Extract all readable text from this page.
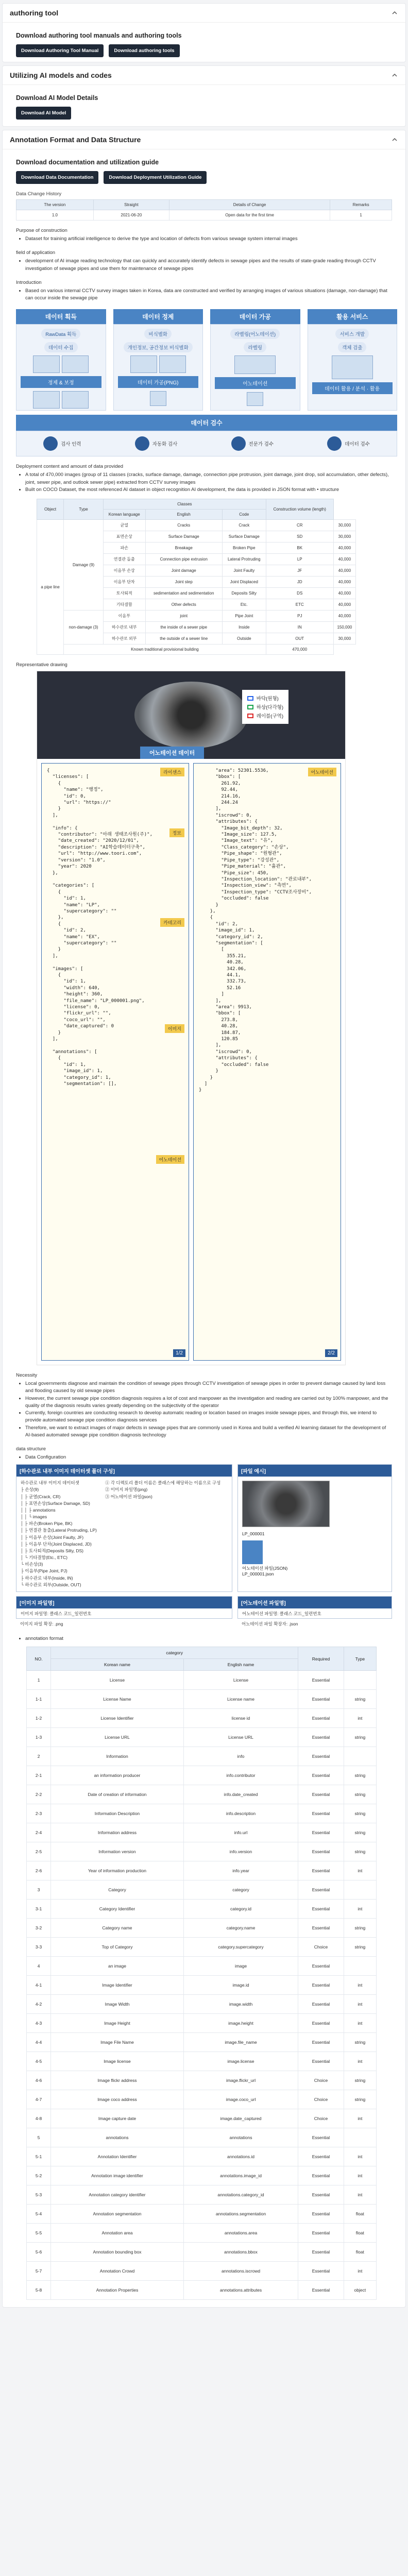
authoring tool
Download authoring tool manuals and authoring tools
Download Authoring Tool Manual	Download authoring tools
Utilizing AI models and codes
Download AI Model Details
Download AI Model
Annotation Format and Data Structure
Download documentation and utilization guide
Download Data Documentation	Download Deployment Utilization Guide
Data Change History
The version	Straight	Details of Change	Remarks
1.0	2021-06-20	Open data for the first time	1
Purpose of construction
• Dataset for training artificial intelligence to derive the type and location of defects from various sewage system internal images
field of application
• development of AI image reading technology that can quickly and accurately identify defects in sewage pipes and the results of state-grade reading through CCTV investigation of sewage pipes and use them for maintenance of sewage pipes
Introduction
• Based on various internal CCTV survey images taken in Korea, data are constructed and verified by arranging images of various situations (damage, non-damage) that can occur inside the sewage pipe
데이터 획득
RawData 획득
데이터 수집
정제 & 보정
데이터 정제
비식별화
개인정보, 공간정보 비식별화
데이터 가공(PNG)
데이터 가공
라벨링(어노테이션)
라벨링
어노테이션
활용 서비스
서비스 개발
객체 검출
데이터 활용 / 분석 · 활용
데이터 검수
검사 인력	자동화 검사	전문가 검수	데이터 검수
Deployment content and amount of data provided
• A total of 470,000 images (group of 11 classes (cracks, surface damage, damage, connection pipe protrusion, joint damage, joint drop, soil accumulation, other defects), joint, sewer pipe, and outlook sewer pipe) extracted from CCTV survey images
• Built on COCO Dataset, the most referenced AI dataset in object recognition AI development, the data is provided in JSON format with • structure
Object	Type	Classes			Construction volume (length)	
		Korean language	English	Code		
a pipe line	Damage (9)	균열	Cracks	Crack	CR	30,000
		표면손상	Surface Damage	Surface Damage	SD	30,000
		파손	Breakage	Broken Pipe	BK	40,000
		연결관 돌출	Connection pipe extrusion	Lateral Protruding	LP	40,000
		이음부 손상	Joint damage	Joint Faulty	JF	40,000
		이음부 단차	Joint step	Joint Displaced	JD	40,000
		토사퇴적	sedimentation and sedimentation	Deposits Silty	DS	40,000
		기타결함	Other defects	Etc.	ETC	40,000
	non-damage (3)	이음부	joint	Pipe Joint	PJ	40,000
		하수관로 내부	the inside of a sewer pipe	Inside	IN	150,000
		하수관로 외부	the outside of a sewer line	Outside	OUT	30,000
	Known traditional provisional building				470,000	
Representative drawing
바닥(원형)
하상(다각형)
레이블(구역)
어노테이션 데이터
라이센스
정보
카테고리
이미지
어노테이션
{
"licenses": [
{
"name": "행정",
"id": 0,
"url": "https://"
}
],

"info": {
"contributor": "아래 생태조사원(주)",
"date_created": "2020/12/01",
"description": "AI학습데이터구축",
"url": "http://www.toori.com",
"version": "1.0",
"year": 2020
},

"categories": [
{
"id": 1,
"name": "LP",
"supercategory": ""
},
{
"id": 2,
"name": "EX",
"supercategory": ""
}
],

"images": [
{
"id": 1,
"width": 640,
"height": 360,
"file_name": "LP_000001.png",
"license": 0,
"flickr_url": "",
"coco_url": "",
"date_captured": 0
}
],

"annotations": [
{
"id": 1,
"image_id": 1,
"category_id": 1,
"segmentation": [],
1/2
어노테이션
"area": 52301.5536,
"bbox": [
261.92,
92.44,
214.16,
244.24
],
"iscrowd": 0,
"attributes": {
"Image_bit_depth": 32,
"Image_size": 127.5,
"Image_text": "유",
"Class_category": "손상",
"Pipe_shape": "원형관",
"Pipe_type": "강성관",
"Pipe_material": "흄관",
"Pipe_size": 450,
"Inspection_location": "관로내부",
"Inspection_view": "측면",
"Inspection_type": "CCTV조사장비",
"occluded": false
}
},
{
"id": 2,
"image_id": 1,
"category_id": 2,
"segmentation": [
[
355.21,
40.28,
342.06,
44.1,
332.73,
52.16
]
],
"area": 9913,
"bbox": [
273.8,
40.28,
184.87,
120.85
],
"iscrowd": 0,
"attributes": {
"occluded": false
}
}
]
}
2/2
Necessity
• Local governments diagnose and maintain the condition of sewage pipes through CCTV investigation of sewage pipes in order to prevent damage caused by land loss and flooding caused by old sewage pipes
• However, the current sewage pipe condition diagnosis requires a lot of cost and manpower as the investigation and reading are carried out by 100% manpower, and the quality of the diagnosis results varies greatly depending on the subjectivity of the operator
• Currently, foreign countries are conducting research to develop automatic reading or location based on images inside sewage pipes, and through this, we intend to provide automated sewage pipe condition diagnosis services
• Therefore, we want to extract images of major defects in sewage pipes that are commonly used in Korea and build a verified AI learning dataset for the development of AI-based automated sewage pipe condition diagnosis technology
data structure
• Data Configuration
[하수관로 내부 이미지 데이터셋 폴더 구성]
하수관로 내부 이미지 데이터셋
├ 손상(9)
│ ├ 균열(Crack, CR)
│ ├ 표면손상(Surface Damage, SD)
│ │ ├ annotations
│ │ └ images
│ ├ 파손(Broken Pipe, BK)
│ ├ 연결관 돌출(Lateral Protruding, LP)
│ ├ 이음부 손상(Joint Faulty, JF)
│ ├ 이음부 단차(Joint Displaced, JD)
│ ├ 토사퇴적(Deposits Silty, DS)
│ └ 기타결함(Etc., ETC)
└ 비손상(3)
├ 이음부(Pipe Joint, PJ)
├ 하수관로 내부(Inside, IN)
└ 하수관로 외부(Outside, OUT)
① 각 디렉토리 폴더 이름은 클래스에 해당하는 이름으로 구성
② 이미지 파일명(png)
③ 어노테이션 파일(json)
[파일 예시]
LP_000001
어노테이션 파일(JSON)
LP_000001.json
[이미지 파일명]
이미지 파일명: 클래스 코드_일련번호
[어노테이션 파일명]
어노테이션 파일명: 클래스 코드_일련번호
이미지 파일 확장: .png	어노테이션 파일 확장자: .json
• annotation format
NO.	category		Required	Type
	Korean name	English name		
1	License	License	Essential	
1-1	License Name	License name	Essential	string
1-2	License Identifier	license id	Essential	int
1-3	License URL	License URL	Essential	string
2	Information	info	Essential	
2-1	an information producer	info.contributor	Essential	string
2-2	Date of creation of information	info.date_created	Essential	string
2-3	Information Description	info.description	Essential	string
2-4	Information address	info.url	Essential	string
2-5	Information version	info.version	Essential	string
2-6	Year of information production	info.year	Essential	int
3	Category	category	Essential	
3-1	Category Identifier	category.id	Essential	int
3-2	Category name	category.name	Essential	string
3-3	Top of Category	category.supercategory	Choice	string
4	an image	image	Essential	
4-1	Image Identifier	image.id	Essential	int
4-2	Image Width	image.width	Essential	int
4-3	Image Height	image.height	Essential	int
4-4	Image File Name	image.file_name	Essential	string
4-5	Image license	image.license	Essential	int
4-6	Image flickr address	image.flickr_url	Choice	string
4-7	Image coco address	image.coco_url	Choice	string
4-8	Image capture date	image.date_captured	Choice	int
5	annotations	annotations	Essential	
5-1	Annotation Identifier	annotations.id	Essential	int
5-2	Annotation image identifier	annotations.image_id	Essential	int
5-3	Annotation category identifier	annotations.category_id	Essential	int
5-4	Annotation segmentation	annotations.segmentation	Essential	float
5-5	Annotation area	annotations.area	Essential	float
5-6	Annotation bounding box	annotations.bbox	Essential	float
5-7	Annotation Crowd	annotations.iscrowd	Essential	int
5-8	Annotation Properties	annotations.attributes	Essential	object
